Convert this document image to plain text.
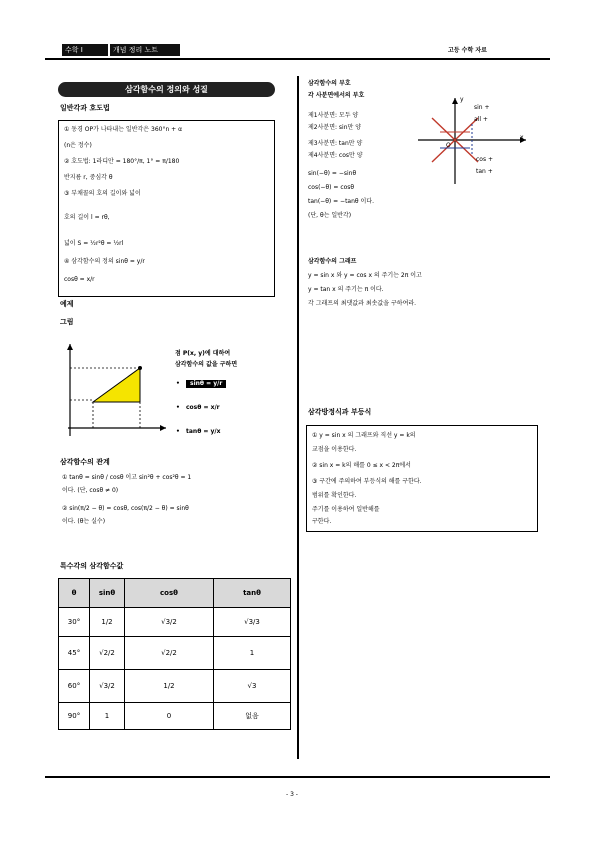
수학 I	개념 정리 노트	고등 수학 자료
삼각함수의 정의와 성질
일반각과 호도법
① 동경 OP가 나타내는 일반각은 360°n + α
(n은 정수)
② 호도법: 1라디안 = 180°/π, 1° = π/180
반지름 r, 중심각 θ
③ 부채꼴의 호의 길이와 넓이
호의 길이 l = rθ,
넓이 S = ½r²θ = ½rl
④ 삼각함수의 정의 sinθ = y/r
cosθ = x/r
예제
그림
점 P(x, y)에 대하여
삼각함수의 값을 구하면
sinθ = y/r
cosθ = x/r
tanθ = y/x
•
•
•
삼각함수의 관계
① tanθ = sinθ / cosθ 이고 sin²θ + cos²θ = 1
이다. (단, cosθ ≠ 0)
② sin(π/2 − θ) = cosθ, cos(π/2 − θ) = sinθ
이다. (θ는 실수)
특수각의 삼각함수값
θ	sinθ	cosθ	tanθ
30°	1/2	√3/2	√3/3
45°	√2/2	√2/2	1
60°	√3/2	1/2	√3
90°	1	0	없음
삼각함수의 부호
각 사분면에서의 부호
제1사분면: 모두 양
제2사분면: sin만 양
제3사분면: tan만 양
제4사분면: cos만 양
sin(−θ) = −sinθ
cos(−θ) = cosθ
tan(−θ) = −tanθ 이다.
(단, θ는 일반각)
sin +
all +
cos +
tan +
y
x
O
삼각함수의 그래프
y = sin x 와 y = cos x 의 주기는 2π 이고
y = tan x 의 주기는 π 이다.
각 그래프의 최댓값과 최솟값을 구하여라.
삼각방정식과 부등식
① y = sin x 의 그래프와 직선 y = k의
교점을 이용한다.
② sin x = k의 해를 0 ≤ x < 2π에서
③ 구간에 주의하여 부등식의 해를 구한다.
범위를 확인한다.
주기를 이용하여 일반해를
구한다.
- 3 -
